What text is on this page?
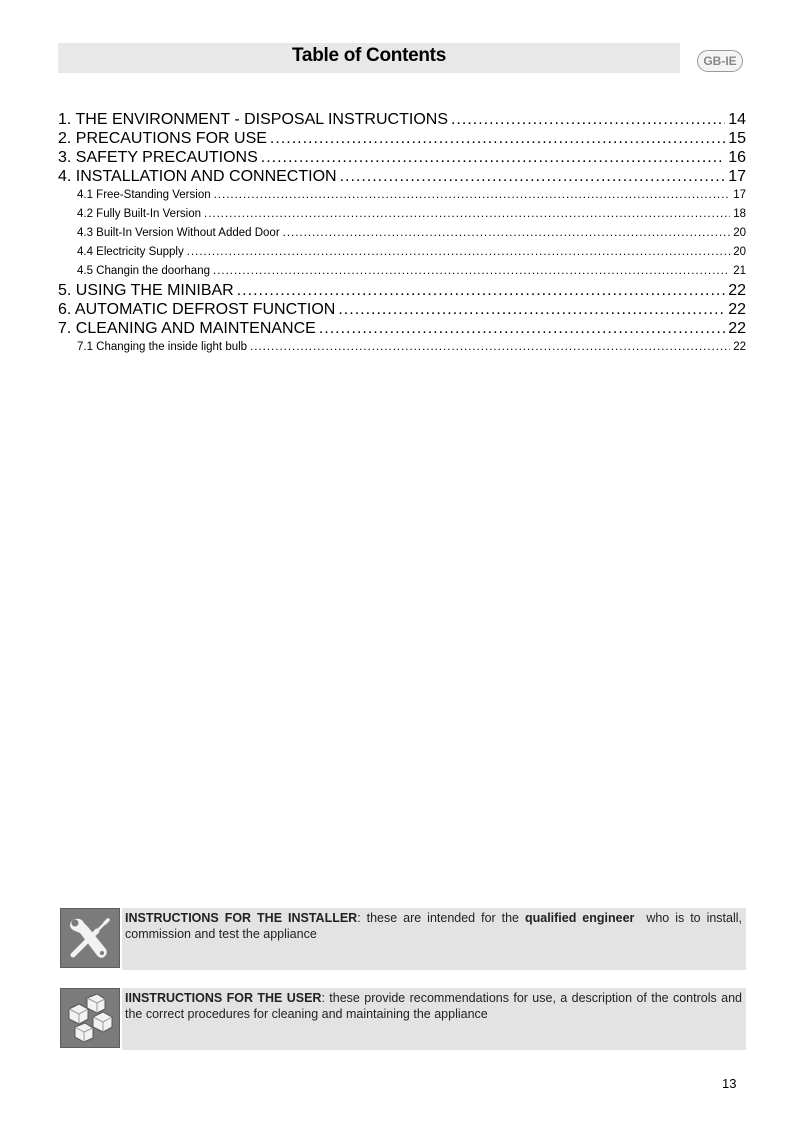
Table of Contents	GB-IE
1. THE ENVIRONMENT - DISPOSAL INSTRUCTIONS .....	14
2. PRECAUTIONS FOR USE .....	15
3. SAFETY PRECAUTIONS .....	16
4. INSTALLATION AND CONNECTION .....	17
4.1 Free-Standing Version .....	17
4.2 Fully Built-In Version .....	18
4.3 Built-In Version Without Added Door .....	20
4.4 Electricity Supply .....	20
4.5 Changin the doorhang .....	21
5. USING THE MINIBAR .....	22
6. AUTOMATIC DEFROST FUNCTION .....	22
7. CLEANING AND MAINTENANCE .....	22
7.1 Changing the inside light bulb .....	22
INSTRUCTIONS FOR THE INSTALLER: these are intended for the qualified engineer  who is to install, commission and test the appliance
IINSTRUCTIONS FOR THE USER: these provide recommendations for use, a description of the controls and the correct procedures for cleaning and maintaining the appliance
13
